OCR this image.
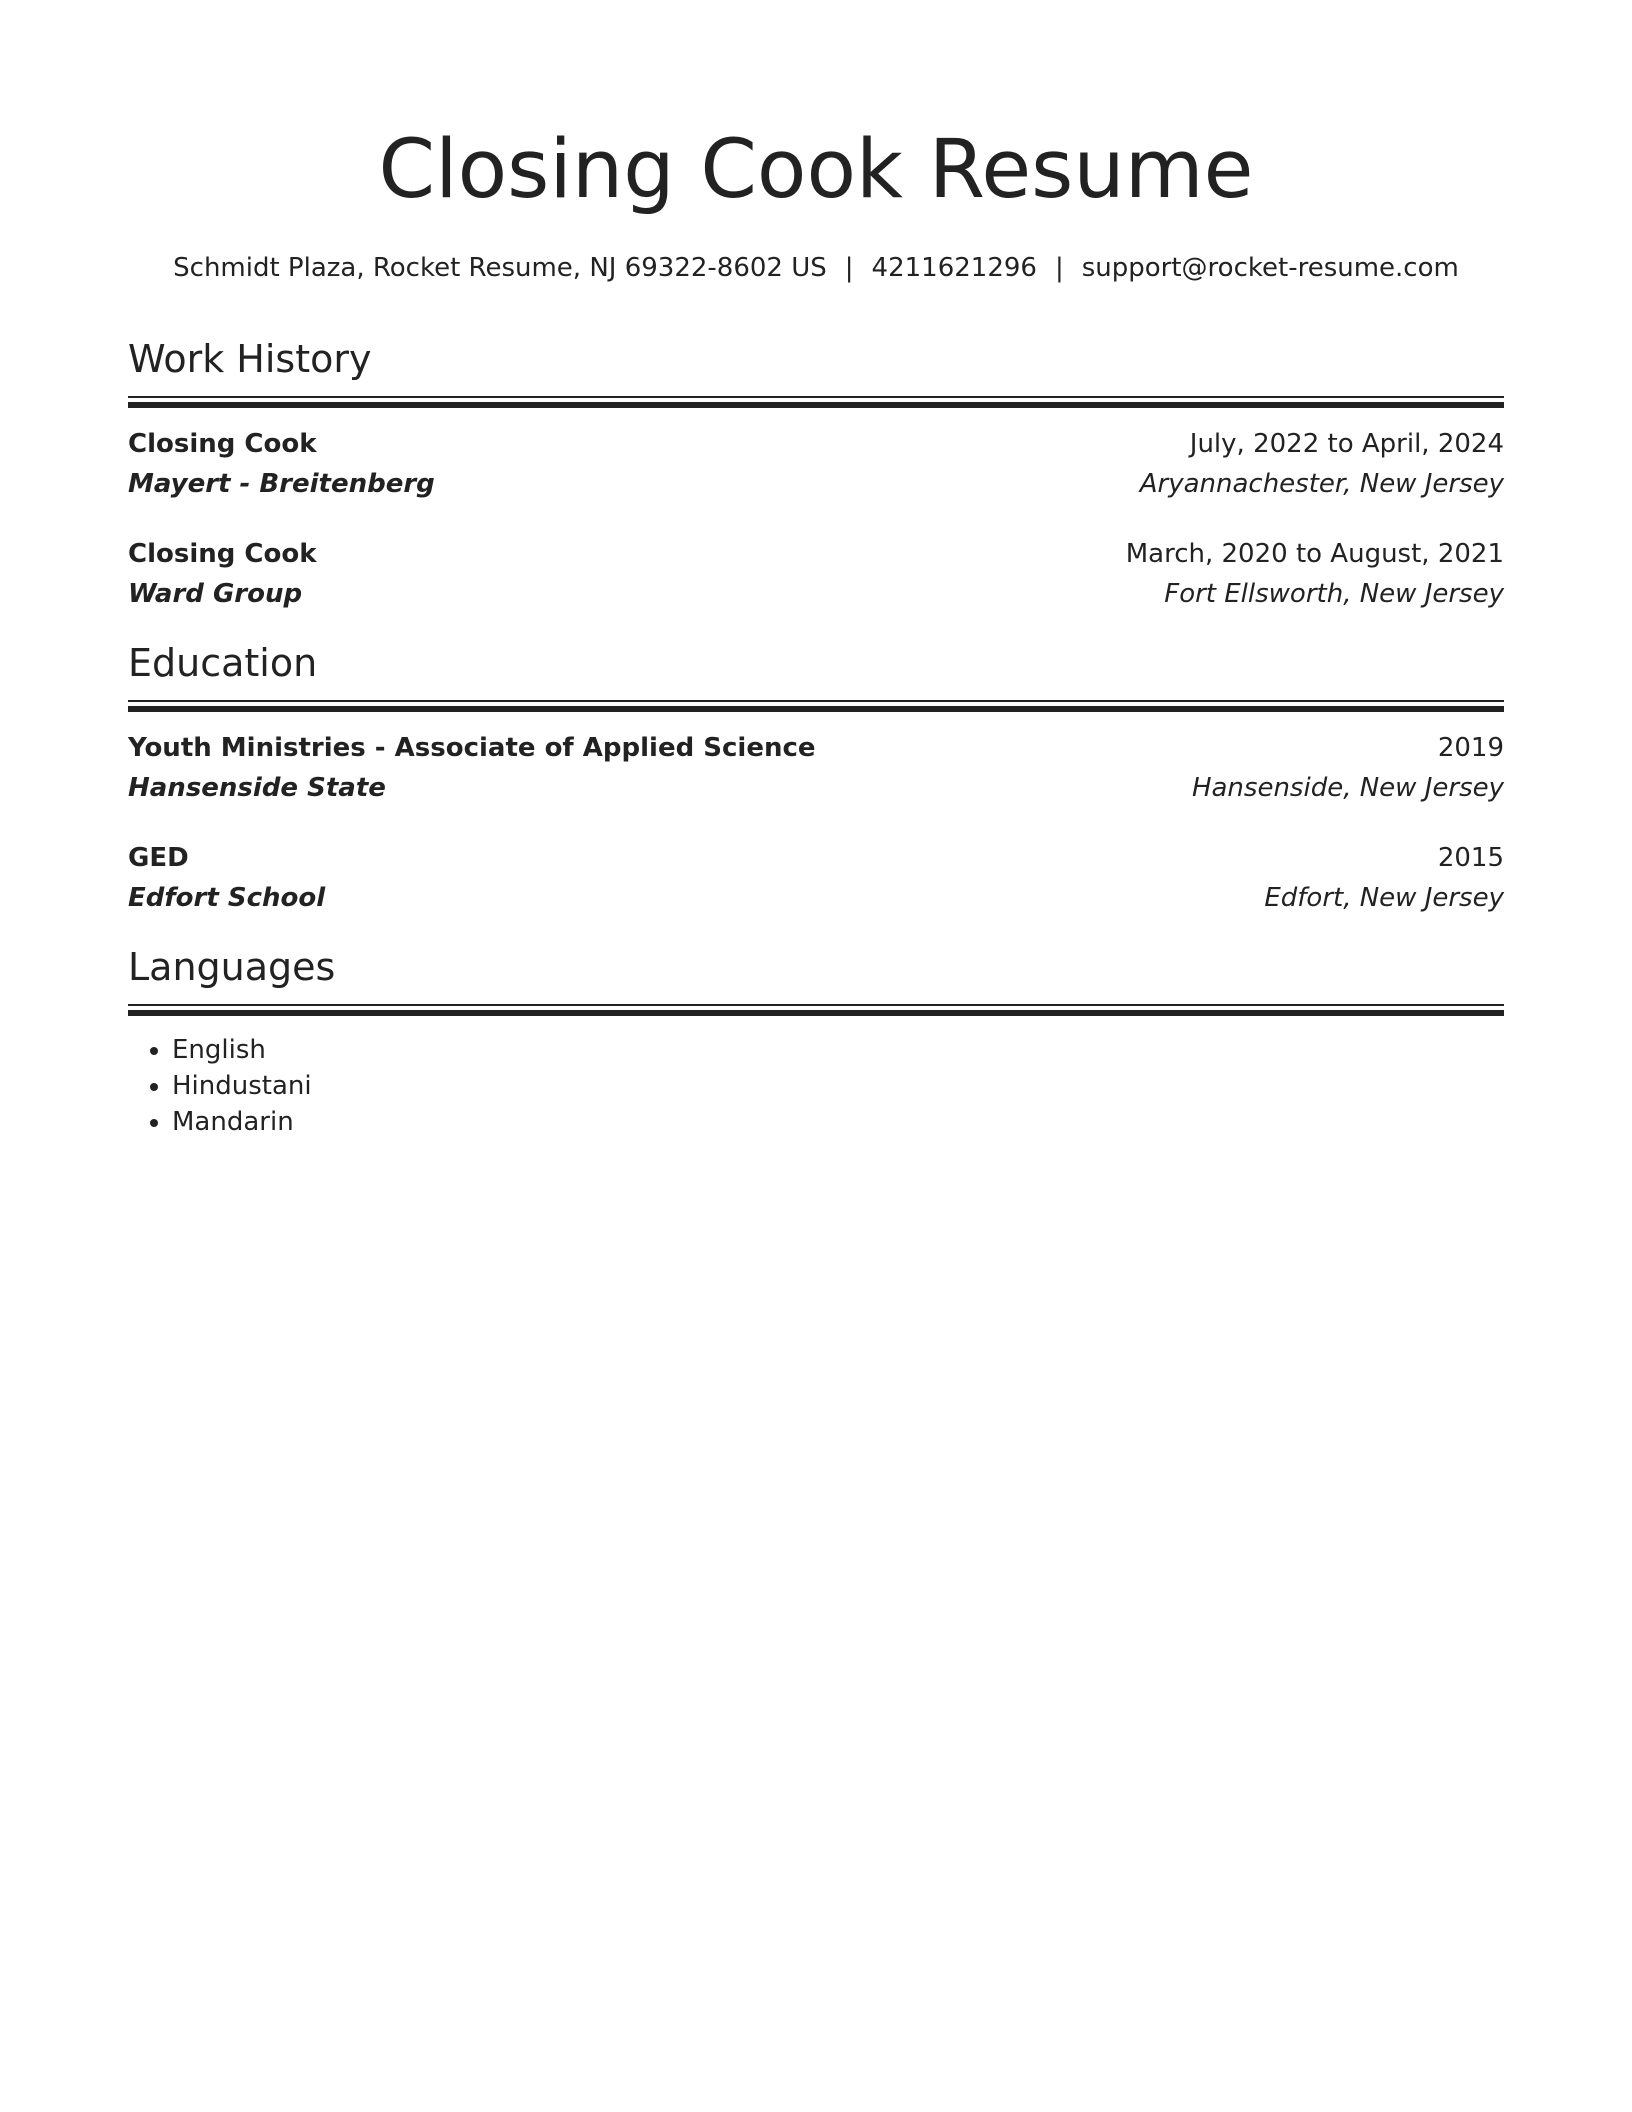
Closing Cook Resume
Schmidt Plaza, Rocket Resume, NJ 69322-8602 US | 4211621296 | support@rocket-resume.com
Work History
Closing Cook	July, 2022 to April, 2024
Mayert - Breitenberg	Aryannachester, New Jersey
Closing Cook	March, 2020 to August, 2021
Ward Group	Fort Ellsworth, New Jersey
Education
Youth Ministries - Associate of Applied Science	2019
Hansenside State	Hansenside, New Jersey
GED	2015
Edfort School	Edfort, New Jersey
Languages
• English
• Hindustani
• Mandarin
